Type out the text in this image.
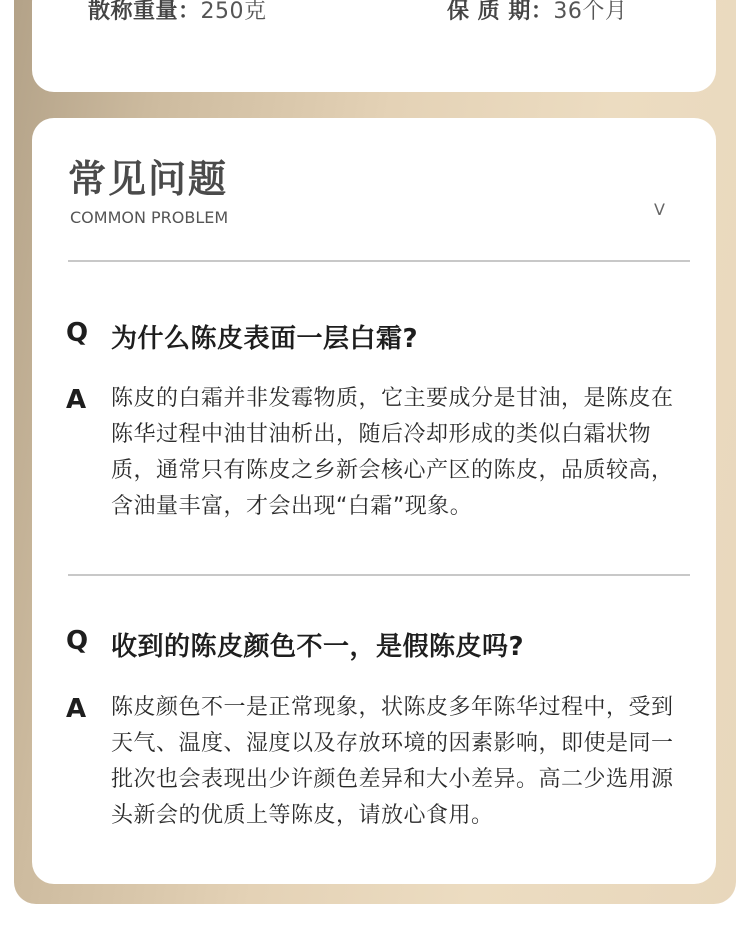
散称重量：250克	保 质 期：36个月
常见问题
COMMON PROBLEM	V
Q 为什么陈皮表面一层白霜?
A 陈皮的白霜并非发霉物质，它主要成分是甘油，是陈皮在陈华过程中油甘油析出，随后冷却形成的类似白霜状物质，通常只有陈皮之乡新会核心产区的陈皮，品质较高，含油量丰富，才会出现“白霜”现象。
Q 收到的陈皮颜色不一，是假陈皮吗?
A 陈皮颜色不一是正常现象，状陈皮多年陈华过程中，受到天气、温度、湿度以及存放环境的因素影响，即使是同一批次也会表现出少许颜色差异和大小差异。高二少选用源头新会的优质上等陈皮，请放心食用。
